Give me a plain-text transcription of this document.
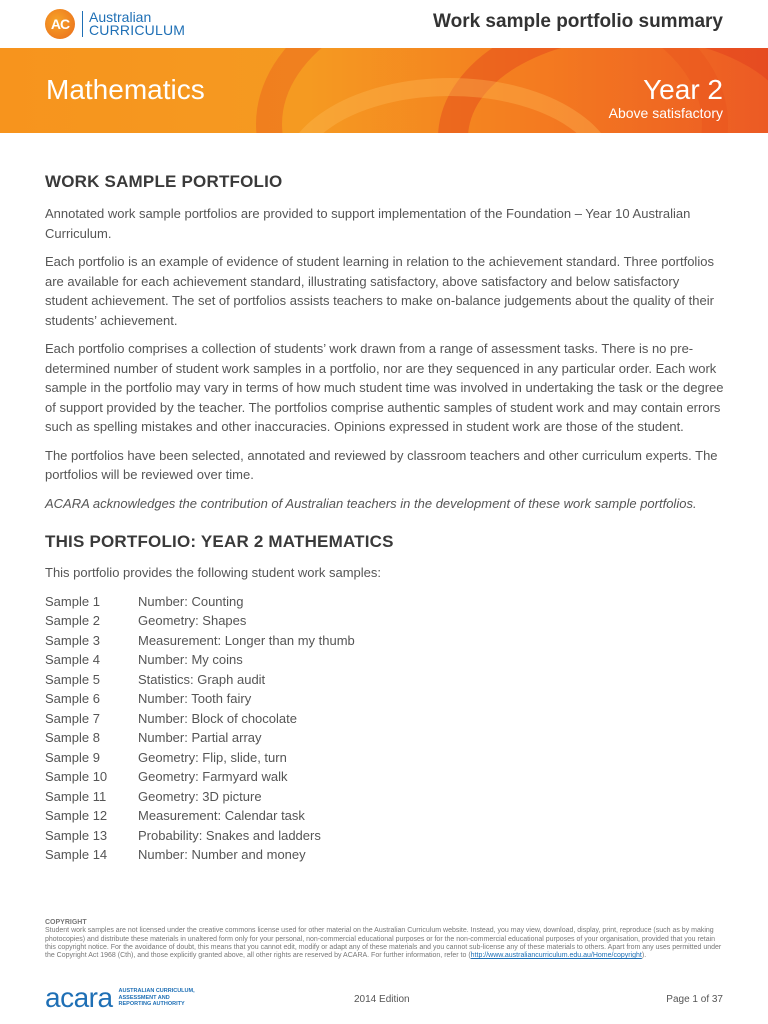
AC	Australian
CURRICULUM	Work sample portfolio summary
Mathematics	Year 2
Above satisfactory
WORK SAMPLE PORTFOLIO

Annotated work sample portfolios are provided to support implementation of the Foundation – Year 10 Australian Curriculum.

Each portfolio is an example of evidence of student learning in relation to the achievement standard. Three portfolios are available for each achievement standard, illustrating satisfactory, above satisfactory and below satisfactory student achievement. The set of portfolios assists teachers to make on-balance judgements about the quality of their students’ achievement.

Each portfolio comprises a collection of students’ work drawn from a range of assessment tasks. There is no pre-determined number of student work samples in a portfolio, nor are they sequenced in any particular order. Each work sample in the portfolio may vary in terms of how much student time was involved in undertaking the task or the degree of support provided by the teacher. The portfolios comprise authentic samples of student work and may contain errors such as spelling mistakes and other inaccuracies. Opinions expressed in student work are those of the student.

The portfolios have been selected, annotated and reviewed by classroom teachers and other curriculum experts. The portfolios will be reviewed over time.

ACARA acknowledges the contribution of Australian teachers in the development of these work sample portfolios.

THIS PORTFOLIO: YEAR 2 MATHEMATICS

This portfolio provides the following student work samples:

Sample 1	Number: Counting
Sample 2	Geometry: Shapes
Sample 3	Measurement: Longer than my thumb
Sample 4	Number: My coins
Sample 5	Statistics: Graph audit
Sample 6	Number: Tooth fairy
Sample 7	Number: Block of chocolate
Sample 8	Number: Partial array
Sample 9	Geometry: Flip, slide, turn
Sample 10	Geometry: Farmyard walk
Sample 11	Geometry: 3D picture
Sample 12	Measurement: Calendar task
Sample 13	Probability: Snakes and ladders
Sample 14	Number: Number and money
COPYRIGHT
Student work samples are not licensed under the creative commons license used for other material on the Australian Curriculum website. Instead, you may view, download, display, print, reproduce (such as by making photocopies) and distribute these materials in unaltered form only for your personal, non-commercial educational purposes or for the non-commercial educational purposes of your organisation, provided that you retain this copyright notice. For the avoidance of doubt, this means that you cannot edit, modify or adapt any of these materials and you cannot sub-license any of these materials to others. Apart from any uses permitted under the Copyright Act 1968 (Cth), and those explicitly granted above, all other rights are reserved by ACARA. For further information, refer to (http://www.australiancurriculum.edu.au/Home/copyright).
acara AUSTRALIAN CURRICULUM,
ASSESSMENT AND
REPORTING AUTHORITY	2014 Edition	Page 1 of 37
